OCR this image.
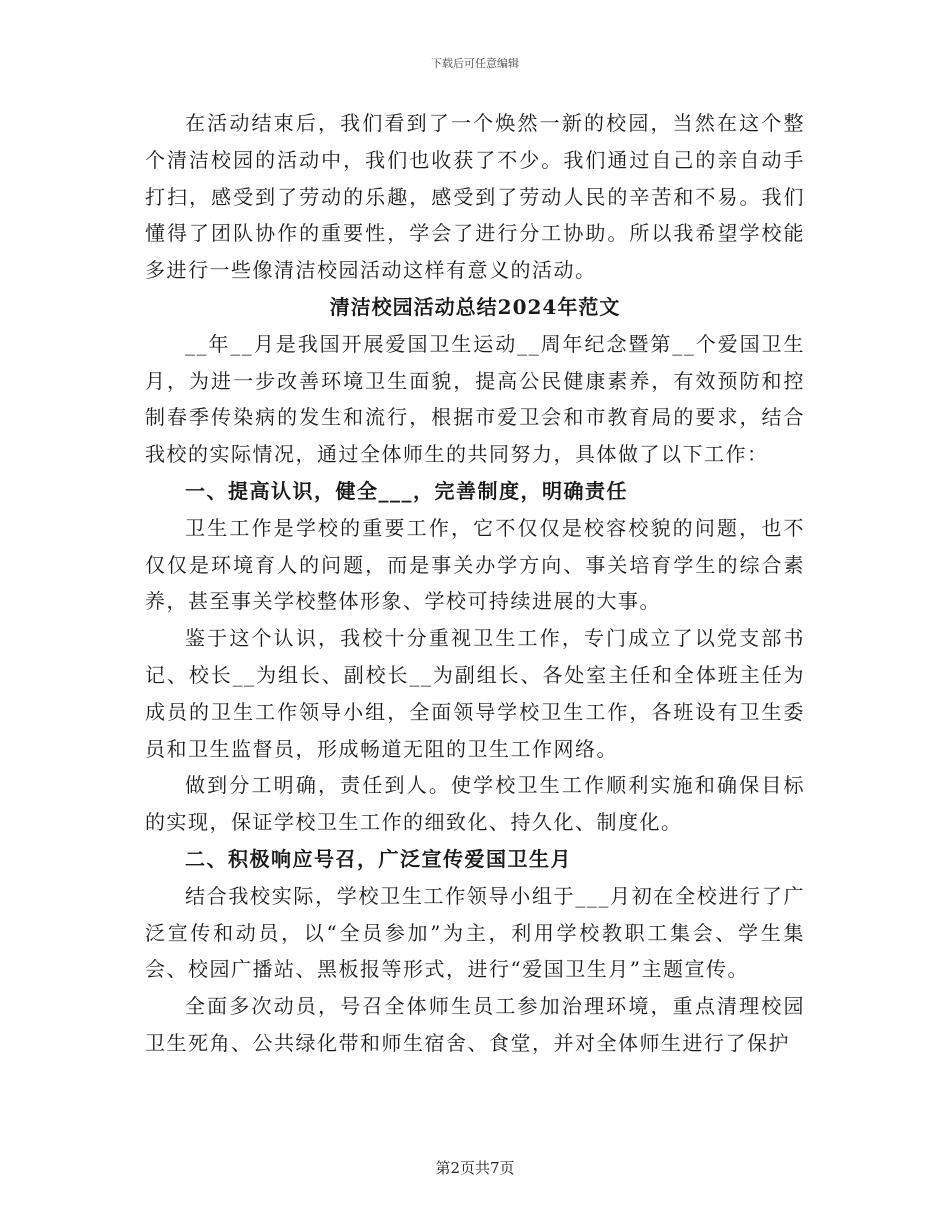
下载后可任意编辑

在活动结束后，我们看到了一个焕然一新的校园，当然在这个整个清洁校园的活动中，我们也收获了不少。我们通过自己的亲自动手打扫，感受到了劳动的乐趣，感受到了劳动人民的辛苦和不易。我们懂得了团队协作的重要性，学会了进行分工协助。所以我希望学校能多进行一些像清洁校园活动这样有意义的活动。

清洁校园活动总结2024年范文

__年__月是我国开展爱国卫生运动__周年纪念暨第__个爱国卫生月，为进一步改善环境卫生面貌，提高公民健康素养，有效预防和控制春季传染病的发生和流行，根据市爱卫会和市教育局的要求，结合我校的实际情况，通过全体师生的共同努力，具体做了以下工作：

一、提高认识，健全___，完善制度，明确责任

卫生工作是学校的重要工作，它不仅仅是校容校貌的问题，也不仅仅是环境育人的问题，而是事关办学方向、事关培育学生的综合素养，甚至事关学校整体形象、学校可持续进展的大事。

鉴于这个认识，我校十分重视卫生工作，专门成立了以党支部书记、校长__为组长、副校长__为副组长、各处室主任和全体班主任为成员的卫生工作领导小组，全面领导学校卫生工作，各班设有卫生委员和卫生监督员，形成畅道无阻的卫生工作网络。

做到分工明确，责任到人。使学校卫生工作顺利实施和确保目标的实现，保证学校卫生工作的细致化、持久化、制度化。

二、积极响应号召，广泛宣传爱国卫生月

结合我校实际，学校卫生工作领导小组于___月初在全校进行了广泛宣传和动员，以“全员参加”为主，利用学校教职工集会、学生集会、校园广播站、黑板报等形式，进行“爱国卫生月”主题宣传。

全面多次动员，号召全体师生员工参加治理环境，重点清理校园卫生死角、公共绿化带和师生宿舍、食堂，并对全体师生进行了保护

第2页共7页
